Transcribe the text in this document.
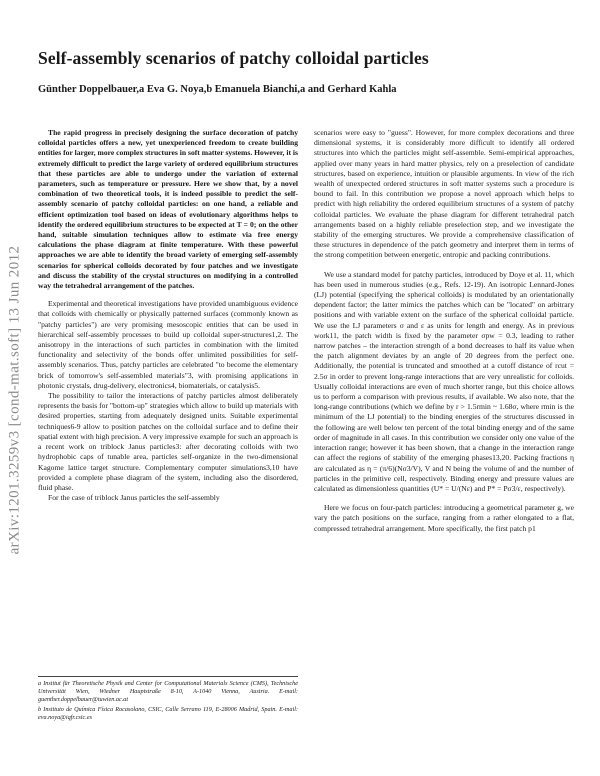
Self-assembly scenarios of patchy colloidal particles

Günther Doppelbauer,a Eva G. Noya,b Emanuela Bianchi,a and Gerhard Kahla

arXiv:1201.3259v3 [cond-mat.soft] 13 Jun 2012

The rapid progress in precisely designing the surface decoration of patchy colloidal particles offers a new, yet unexperienced freedom to create building entities for larger, more complex structures in soft matter systems. However, it is extremely difficult to predict the large variety of ordered equilibrium structures that these particles are able to undergo under the variation of external parameters, such as temperature or pressure. Here we show that, by a novel combination of two theoretical tools, it is indeed possible to predict the self-assembly scenario of patchy colloidal particles: on one hand, a reliable and efficient optimization tool based on ideas of evolutionary algorithms helps to identify the ordered equilibrium structures to be expected at T = 0; on the other hand, suitable simulation techniques allow to estimate via free energy calculations the phase diagram at finite temperature. With these powerful approaches we are able to identify the broad variety of emerging self-assembly scenarios for spherical colloids decorated by four patches and we investigate and discuss the stability of the crystal structures on modifying in a controlled way the tetrahedral arrangement of the patches.

Experimental and theoretical investigations have provided unambiguous evidence that colloids with chemically or physically patterned surfaces (commonly known as "patchy particles") are very promising mesoscopic entities that can be used in hierarchical self-assembly processes to build up colloidal super-structures1,2. The anisotropy in the interactions of such particles in combination with the limited functionality and selectivity of the bonds offer unlimited possibilities for self-assembly scenarios. Thus, patchy particles are celebrated "to become the elementary brick of tomorrow's self-assembled materials"3, with promising applications in photonic crystals, drug-delivery, electronics4, biomaterials, or catalysis5.

The possibility to tailor the interactions of patchy particles almost deliberately represents the basis for "bottom-up" strategies which allow to build up materials with desired properties, starting from adequately designed units. Suitable experimental techniques6-9 allow to position patches on the colloidal surface and to define their spatial extent with high precision. A very impressive example for such an approach is a recent work on triblock Janus particles3: after decorating colloids with two hydrophobic caps of tunable area, particles self-organize in the two-dimensional Kagome lattice target structure. Complementary computer simulations3,10 have provided a complete phase diagram of the system, including also the disordered, fluid phase.

For the case of triblock Janus particles the self-assembly

a Institut für Theoretische Physik and Center for Computational Materials Science (CMS), Technische Universität Wien, Wiedner Hauptstraße 8-10, A-1040 Vienna, Austria. E-mail: guenther.doppelbauer@tuwien.ac.at

b Instituto de Química Física Rocasolano, CSIC, Calle Serrano 119, E-28006 Madrid, Spain. E-mail: eva.noya@iqfr.csic.es

scenarios were easy to "guess". However, for more complex decorations and three dimensional systems, it is considerably more difficult to identify all ordered structures into which the particles might self-assemble. Semi-empirical approaches, applied over many years in hard matter physics, rely on a preselection of candidate structures, based on experience, intuition or plausible arguments. In view of the rich wealth of unexpected ordered structures in soft matter systems such a procedure is bound to fail. In this contribution we propose a novel approach which helps to predict with high reliability the ordered equilibrium structures of a system of patchy colloidal particles. We evaluate the phase diagram for different tetrahedral patch arrangements based on a highly reliable preselection step, and we investigate the stability of the emerging structures. We provide a comprehensive classification of these structures in dependence of the patch geometry and interpret them in terms of the strong competition between energetic, entropic and packing contributions.

We use a standard model for patchy particles, introduced by Doye et al. 11, which has been used in numerous studies (e.g., Refs. 12-19). An isotropic Lennard-Jones (LJ) potential (specifying the spherical colloids) is modulated by an orientationally dependent factor; the latter mimics the patches which can be "located" on arbitrary positions and with variable extent on the surface of the spherical colloidal particle. We use the LJ parameters σ and ε as units for length and energy. As in previous work11, the patch width is fixed by the parameter σpw = 0.3, leading to rather narrow patches – the interaction strength of a bond decreases to half its value when the patch alignment deviates by an angle of 20 degrees from the perfect one. Additionally, the potential is truncated and smoothed at a cutoff distance of rcut = 2.5σ in order to prevent long-range interactions that are very unrealistic for colloids. Usually colloidal interactions are even of much shorter range, but this choice allows us to perform a comparison with previous results, if available. We also note, that the long-range contributions (which we define by r > 1.5rmin ~ 1.68σ, where rmin is the minimum of the LJ potential) to the binding energies of the structures discussed in the following are well below ten percent of the total binding energy and of the same order of magnitude in all cases. In this contribution we consider only one value of the interaction range; however it has been shown, that a change in the interaction range can affect the regions of stability of the emerging phases13,20. Packing fractions η are calculated as η = (π/6)(Nσ3/V), V and N being the volume of and the number of particles in the primitive cell, respectively. Binding energy and pressure values are calculated as dimensionless quantities (U* = U/(Nε) and P* = Pσ3/ε, respectively).

Here we focus on four-patch particles: introducing a geometrical parameter g, we vary the patch positions on the surface, ranging from a rather elongated to a flat, compressed tetrahedral arrangement. More specifically, the first patch p1
